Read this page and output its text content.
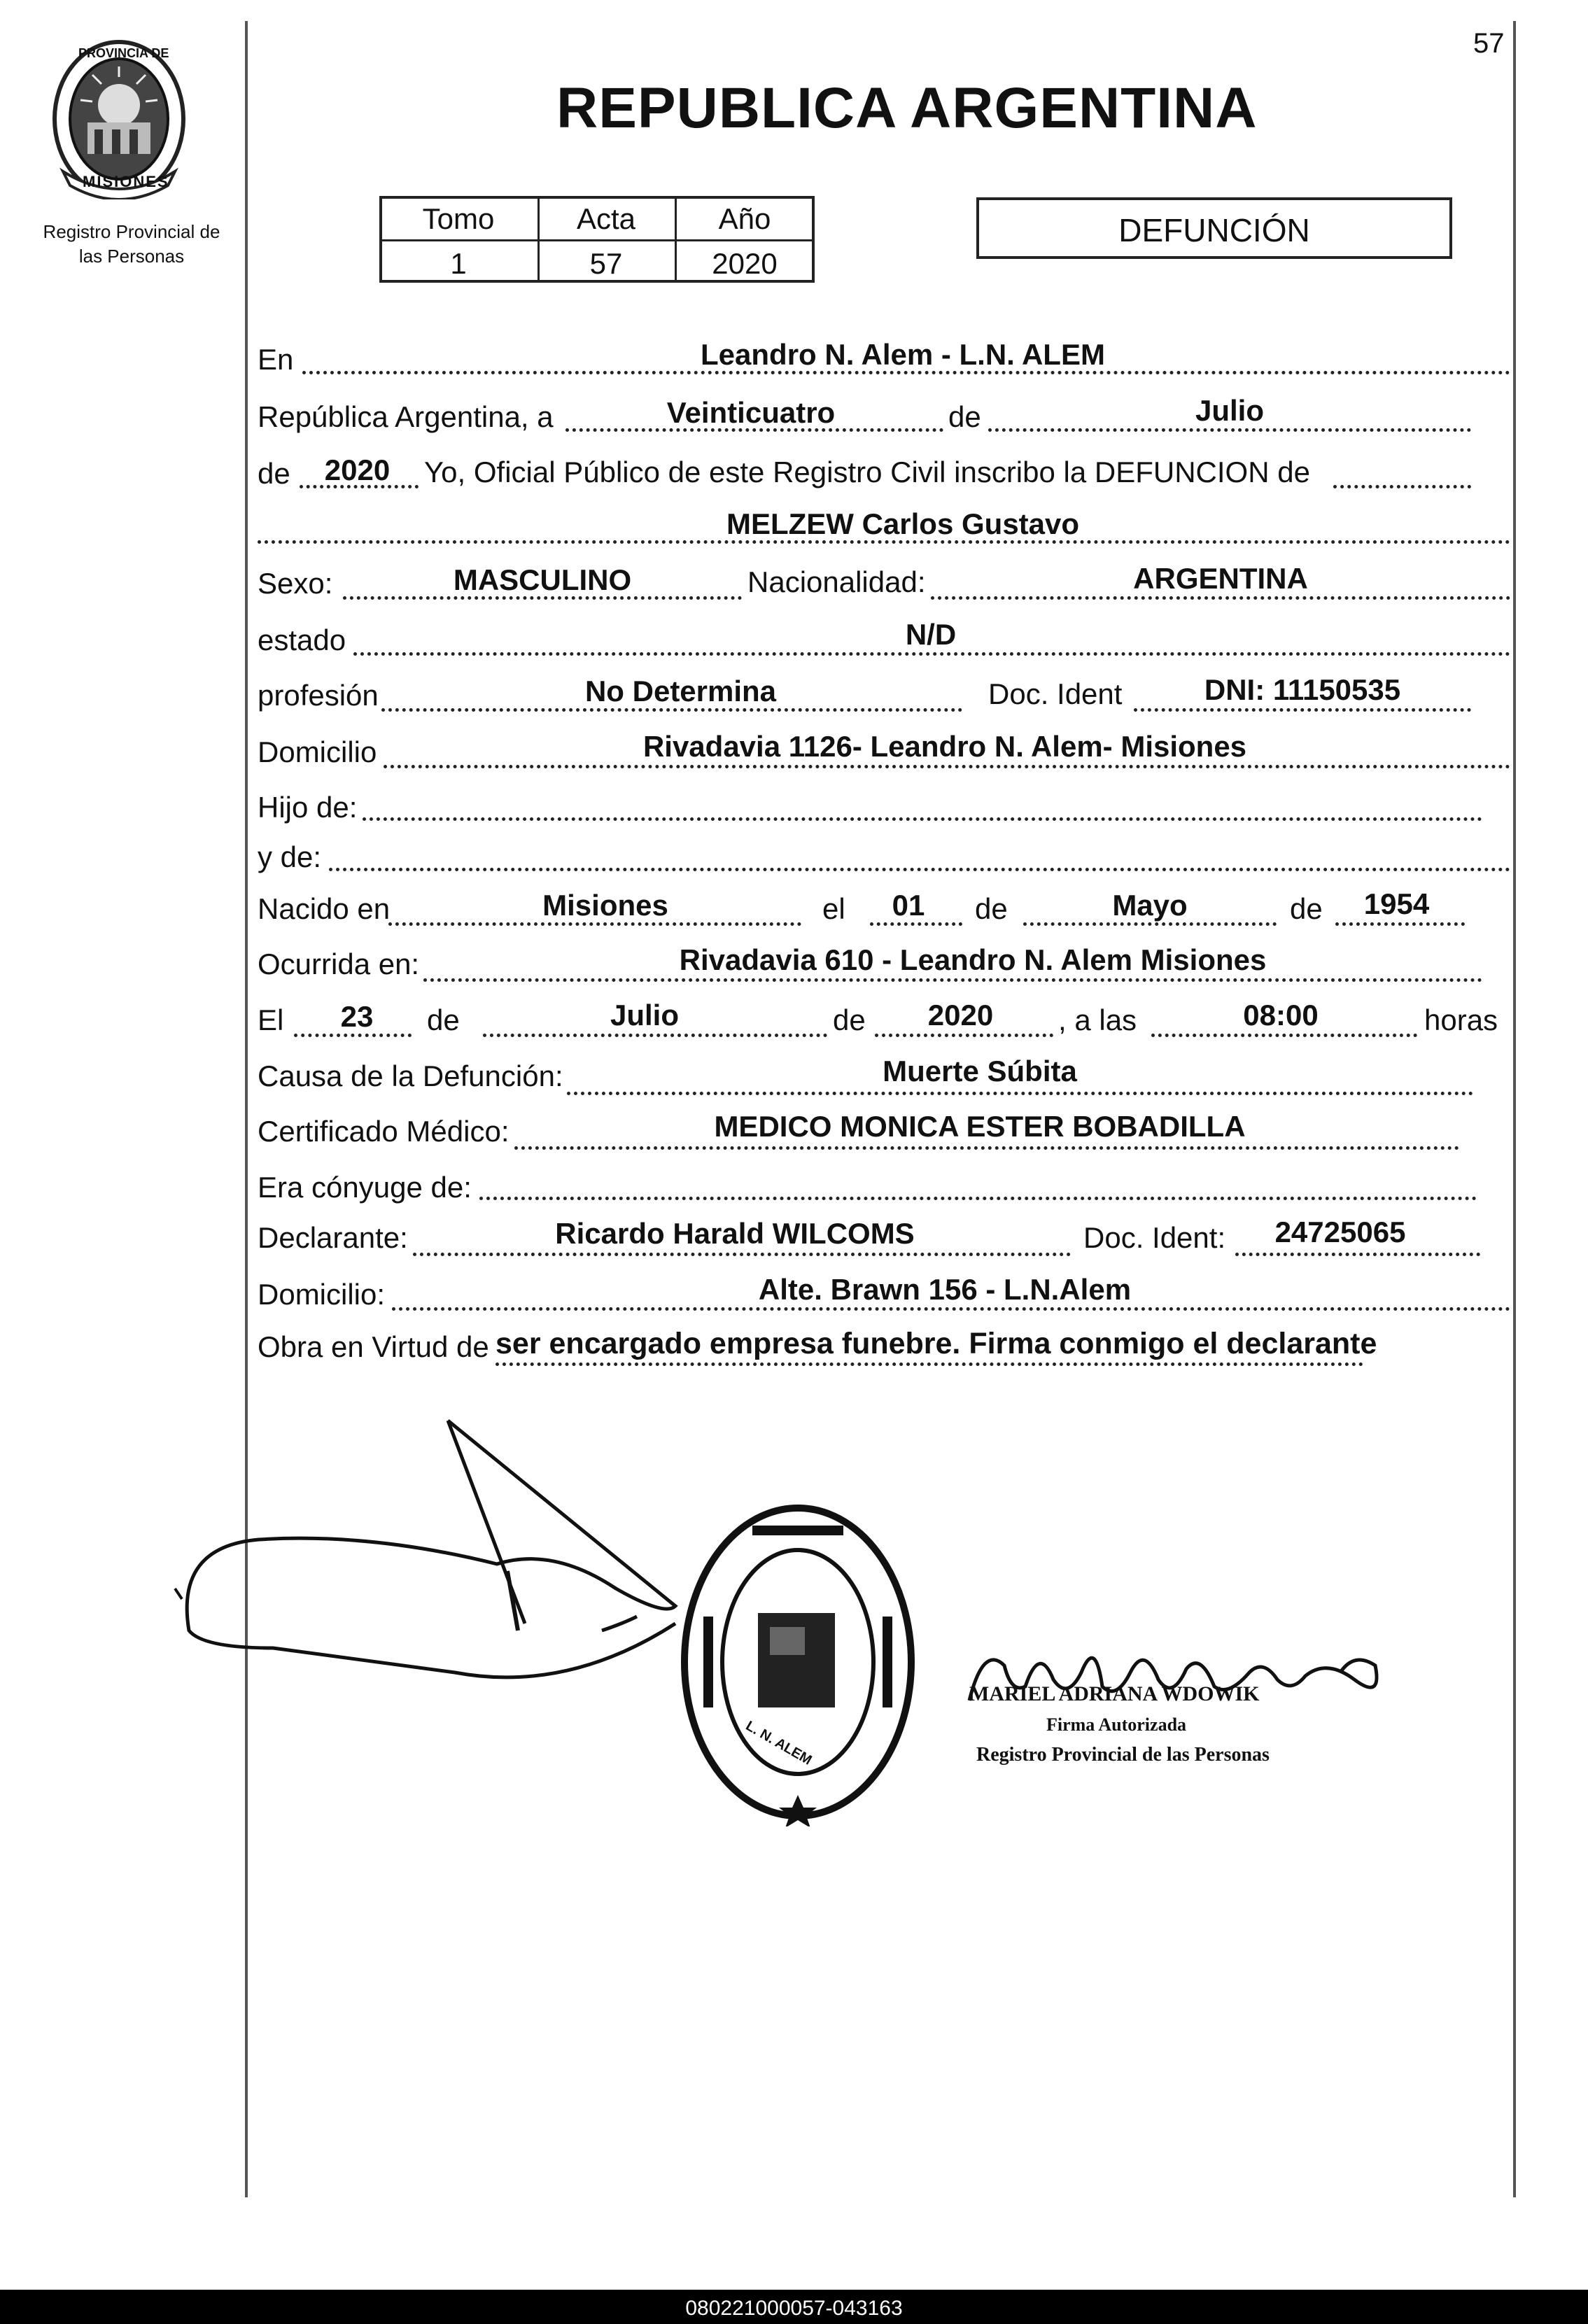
57
PROVINCIA DE
MISIONES
Registro Provincial de
las Personas
REPUBLICA ARGENTINA
Tomo	Acta	Año
1	57	2020
DEFUNCIÓN
En	Leandro N. Alem - L.N. ALEM
República Argentina, a	Veinticuatro	de	Julio
de	2020	Yo, Oficial Público de este Registro Civil inscribo la DEFUNCION de
MELZEW Carlos Gustavo
Sexo:	MASCULINO	Nacionalidad:	ARGENTINA
estado	N/D
profesión	No Determina	Doc. Ident	DNI: 11150535
Domicilio	Rivadavia 1126- Leandro N. Alem- Misiones
Hijo de:
y de:
Nacido en	Misiones	el	01	de	Mayo	de	1954
Ocurrida en:	Rivadavia 610 - Leandro N. Alem Misiones
El	23	de	Julio	de	2020	, a las	08:00	horas
Causa de la Defunción:	Muerte Súbita
Certificado Médico:	MEDICO MONICA ESTER BOBADILLA
Era cónyuge de:
Declarante:	Ricardo Harald WILCOMS	Doc. Ident:	24725065
Domicilio:	Alte. Brawn 156 - L.N.Alem
Obra en Virtud de ser encargado empresa funebre. Firma conmigo el declarante
L. N. ALEM
MARIEL ADRIANA WDOWIK
Firma Autorizada
Registro Provincial de las Personas
080221000057-043163
